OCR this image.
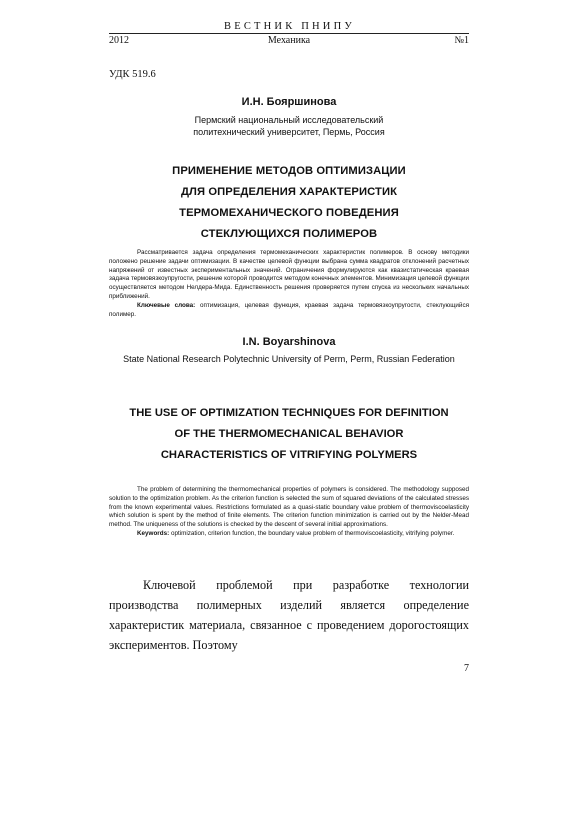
ВЕСТНИК ПНИПУ
2012	Механика	№1
УДК 519.6
И.Н. Бояршинова
Пермский национальный исследовательский
политехнический университет, Пермь, Россия
ПРИМЕНЕНИЕ МЕТОДОВ ОПТИМИЗАЦИИ
ДЛЯ ОПРЕДЕЛЕНИЯ ХАРАКТЕРИСТИК
ТЕРМОМЕХАНИЧЕСКОГО ПОВЕДЕНИЯ
СТЕКЛУЮЩИХСЯ ПОЛИМЕРОВ

Рассматривается задача определения термомеханических характеристик полимеров. В основу методики положено решение задачи оптимизации. В качестве целевой функции выбрана сумма квадратов отклонений расчетных напряжений от известных экспериментальных значений. Ограничения формулируются как квазистатическая краевая задача термовязкоупругости, решение которой проводится методом конечных элементов. Минимизация целевой функции осуществляется методом Нелдера-Мида. Единственность решения проверяется путем спуска из нескольких начальных приближений.

Ключевые слова: оптимизация, целевая функция, краевая задача термовязкоупругости, стеклующийся полимер.

I.N. Boyarshinova
State National Research Polytechnic University of Perm, Perm, Russian Federation
THE USE OF OPTIMIZATION TECHNIQUES FOR DEFINITION
OF THE THERMOMECHANICAL BEHAVIOR
CHARACTERISTICS OF VITRIFYING POLYMERS

The problem of determining the thermomechanical properties of polymers is considered. The methodology supposed solution to the optimization problem. As the criterion function is selected the sum of squared deviations of the calculated stresses from the known experimental values. Restrictions formulated as a quasi-static boundary value problem of thermoviscoelasticity which solution is spent by the method of finite elements. The criterion function minimization is carried out by the Nelder-Mead method. The uniqueness of the solutions is checked by the descent of several initial approximations.

Keywords: optimization, criterion function, the boundary value problem of thermoviscoelasticity, vitrifying polymer.

Ключевой проблемой при разработке технологии производства полимерных изделий является определение характеристик материала, связанное с проведением дорогостоящих экспериментов. Поэтому

7
